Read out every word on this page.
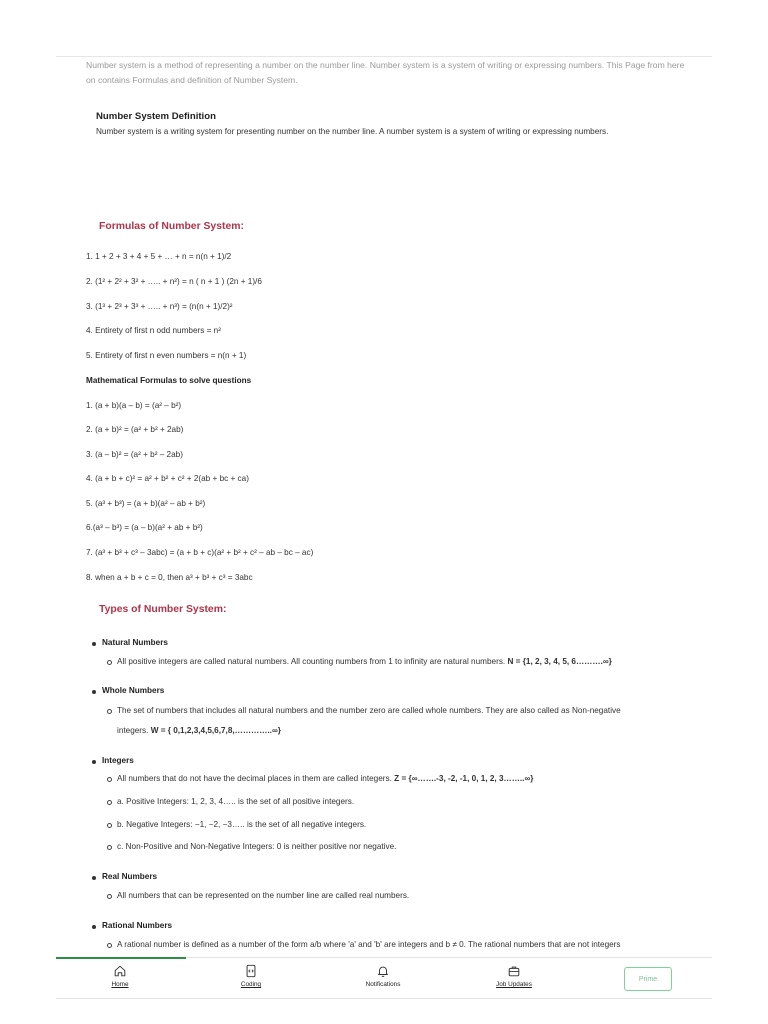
Number system is a method of representing a number on the number line. Number system is a system of writing or expressing numbers. This Page from here on contains Formulas and definition of Number System.

Number System Definition

Number system is a writing system for presenting number on the number line. A number system is a system of writing or expressing numbers.

Formulas of Number System:
1. 1 + 2 + 3 + 4 + 5 + … + n = n(n + 1)/2
2. (1² + 2² + 3² + ….. + n²) = n ( n + 1 ) (2n + 1)/6
3. (1³ + 2³ + 3³ + ….. + n³) = (n(n + 1)/2)²
4. Entirety of first n odd numbers = n²
5. Entirety of first n even numbers = n(n + 1)
Mathematical Formulas to solve questions
1. (a + b)(a – b) = (a² – b²)
2. (a + b)² = (a² + b² + 2ab)
3. (a – b)² = (a² + b² – 2ab)
4. (a + b + c)² = a² + b² + c² + 2(ab + bc + ca)
5. (a³ + b³) = (a + b)(a² – ab + b²)
6.(a³ – b³) = (a – b)(a² + ab + b²)
7. (a³ + b³ + c³ – 3abc) = (a + b + c)(a² + b² + c² – ab – bc – ac)
8. when a + b + c = 0, then a³ + b³ + c³ = 3abc
Types of Number System:
Natural Numbers
All positive integers are called natural numbers. All counting numbers from 1 to infinity are natural numbers. N = {1, 2, 3, 4, 5, 6……….∞}
Whole Numbers
The set of numbers that includes all natural numbers and the number zero are called whole numbers. They are also called as Non-negative
integers. W = { 0,1,2,3,4,5,6,7,8,…………..∞}
Integers
All numbers that do not have the decimal places in them are called integers. Z = {∞…….-3, -2, -1, 0, 1, 2, 3……..∞}
a. Positive Integers: 1, 2, 3, 4….. is the set of all positive integers.
b. Negative Integers: −1, −2, −3….. is the set of all negative integers.
c. Non-Positive and Non-Negative Integers: 0 is neither positive nor negative.
Real Numbers
All numbers that can be represented on the number line are called real numbers.
Rational Numbers
A rational number is defined as a number of the form a/b where 'a' and 'b' are integers and b ≠ 0. The rational numbers that are not integers
Home	Coding	Notifications	Job Updates
Prime
